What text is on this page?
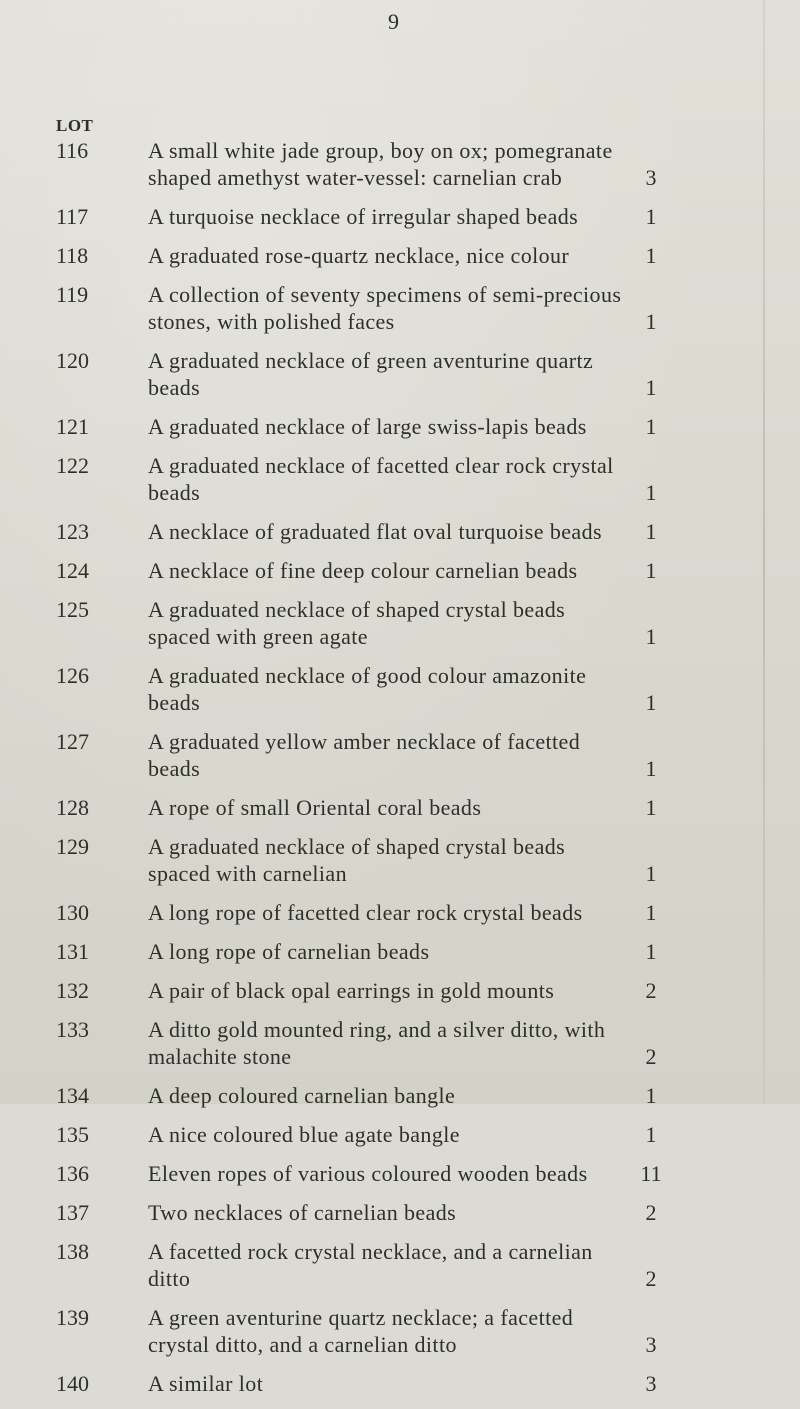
9
LOT
116	A small white jade group, boy on ox; pomegranate shaped amethyst water-vessel: carnelian crab	3
117	A turquoise necklace of irregular shaped beads	1
118	A graduated rose-quartz necklace, nice colour	1
119	A collection of seventy specimens of semi-precious stones, with polished faces	1
120	A graduated necklace of green aventurine quartz beads	1
121	A graduated necklace of large swiss-lapis beads	1
122	A graduated necklace of facetted clear rock crystal beads	1
123	A necklace of graduated flat oval turquoise beads	1
124	A necklace of fine deep colour carnelian beads	1
125	A graduated necklace of shaped crystal beads spaced with green agate	1
126	A graduated necklace of good colour amazonite beads	1
127	A graduated yellow amber necklace of facetted beads	1
128	A rope of small Oriental coral beads	1
129	A graduated necklace of shaped crystal beads spaced with carnelian	1
130	A long rope of facetted clear rock crystal beads	1
131	A long rope of carnelian beads	1
132	A pair of black opal earrings in gold mounts	2
133	A ditto gold mounted ring, and a silver ditto, with malachite stone	2
134	A deep coloured carnelian bangle	1
135	A nice coloured blue agate bangle	1
136	Eleven ropes of various coloured wooden beads	11
137	Two necklaces of carnelian beads	2
138	A facetted rock crystal necklace, and a carnelian ditto	2
139	A green aventurine quartz necklace; a facetted crystal ditto, and a carnelian ditto	3
140	A similar lot	3
